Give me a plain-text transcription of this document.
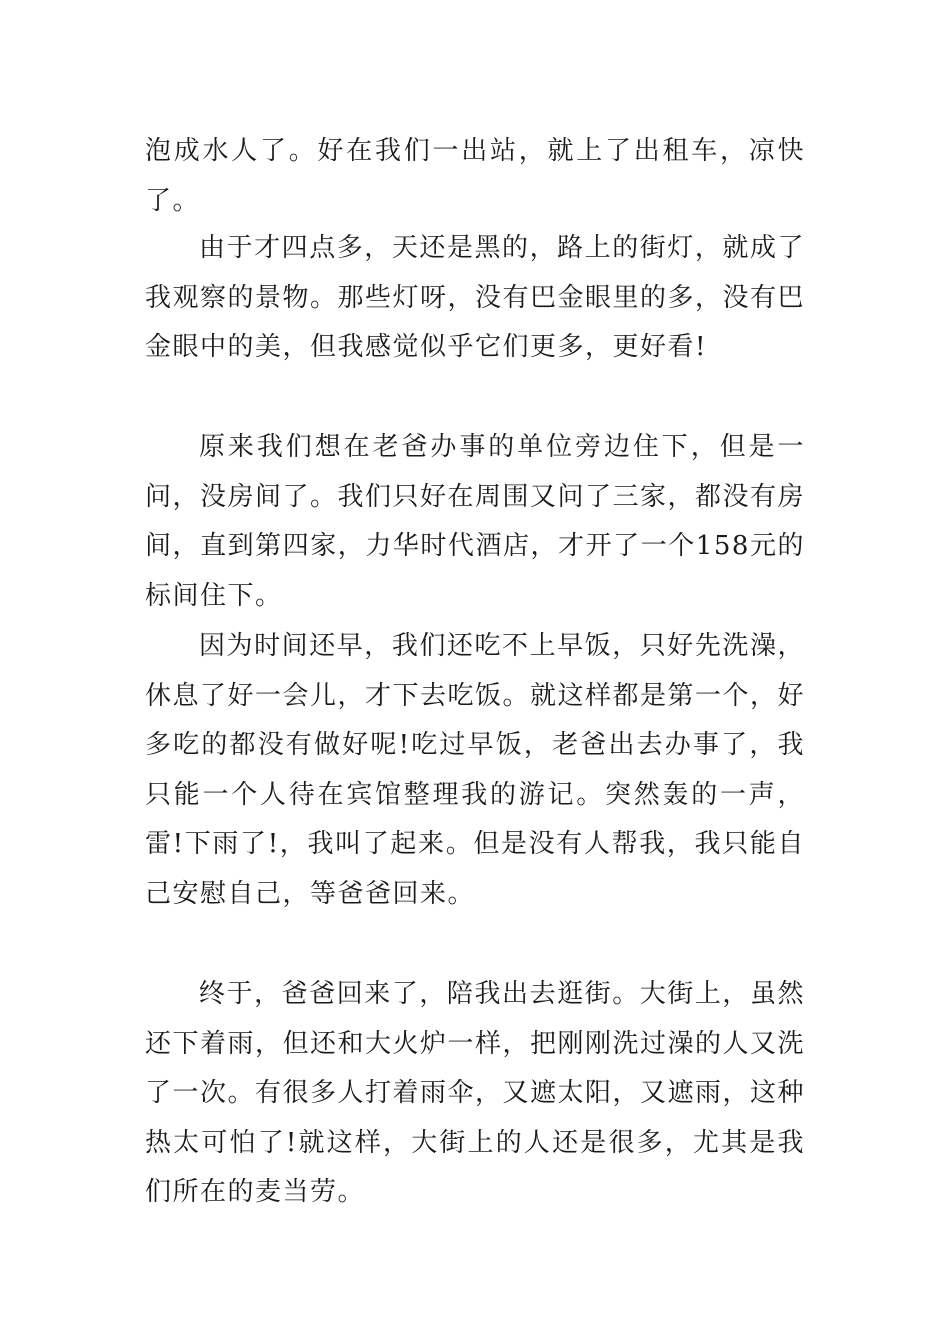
泡成水人了。好在我们一出站，就上了出租车，凉快了。

由于才四点多，天还是黑的，路上的街灯，就成了我观察的景物。那些灯呀，没有巴金眼里的多，没有巴金眼中的美，但我感觉似乎它们更多，更好看!

原来我们想在老爸办事的单位旁边住下，但是一问，没房间了。我们只好在周围又问了三家，都没有房间，直到第四家，力华时代酒店，才开了一个158元的标间住下。

因为时间还早，我们还吃不上早饭，只好先洗澡，休息了好一会儿，才下去吃饭。就这样都是第一个，好多吃的都没有做好呢!吃过早饭，老爸出去办事了，我只能一个人待在宾馆整理我的游记。突然轰的一声，雷!下雨了!，我叫了起来。但是没有人帮我，我只能自己安慰自己，等爸爸回来。

终于，爸爸回来了，陪我出去逛街。大街上，虽然还下着雨，但还和大火炉一样，把刚刚洗过澡的人又洗了一次。有很多人打着雨伞，又遮太阳，又遮雨，这种热太可怕了!就这样，大街上的人还是很多，尤其是我们所在的麦当劳。
